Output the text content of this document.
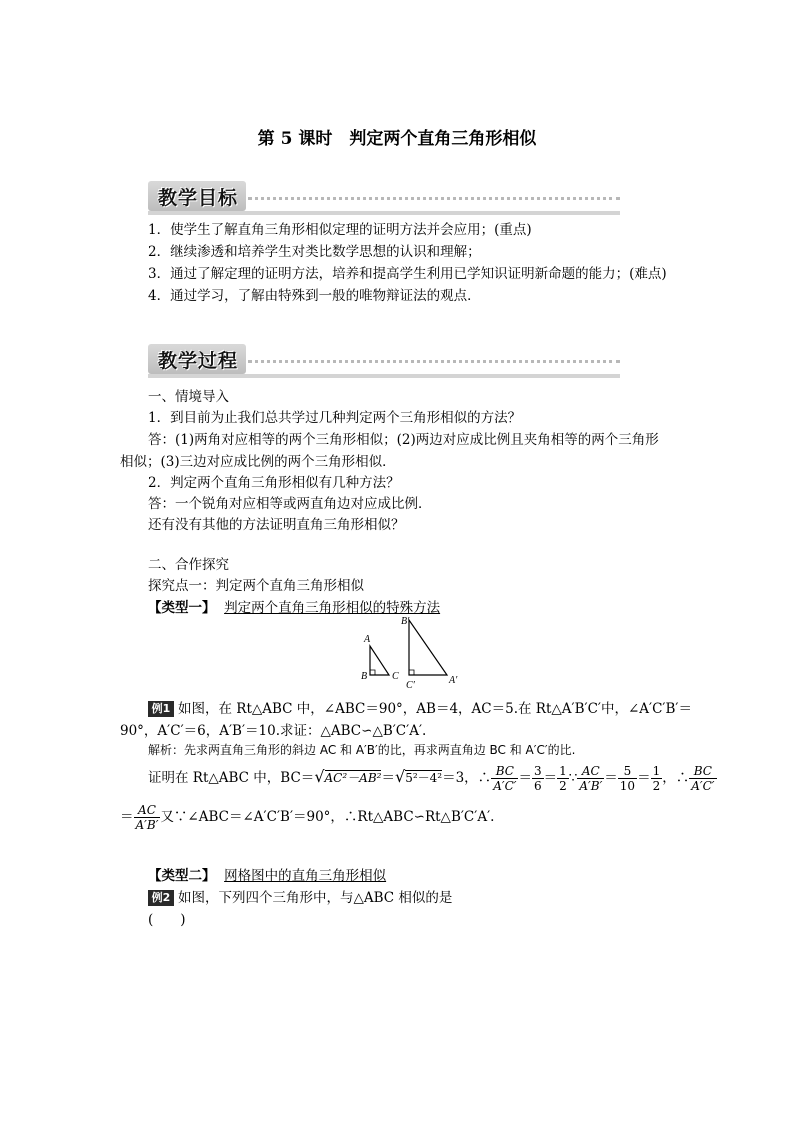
第 5 课时　判定两个直角三角形相似
教学目标
1．使学生了解直角三角形相似定理的证明方法并会应用；(重点)
2．继续渗透和培养学生对类比数学思想的认识和理解；
3．通过了解定理的证明方法，培养和提高学生利用已学知识证明新命题的能力；(难点)
4．通过学习，了解由特殊到一般的唯物辩证法的观点．
教学过程
一、情境导入
1．到目前为止我们总共学过几种判定两个三角形相似的方法？
答：(1)两角对应相等的两个三角形相似；(2)两边对应成比例且夹角相等的两个三角形
相似；(3)三边对应成比例的两个三角形相似．
2．判定两个直角三角形相似有几种方法？
答：一个锐角对应相等或两直角边对应成比例．
还有没有其他的方法证明直角三角形相似？
二、合作探究
探究点一：判定两个直角三角形相似
【类型一】 判定两个直角三角形相似的特殊方法
A
B C
B′
C′	A′
例1 如图，在 Rt△ABC 中，∠ABC＝90°，AB＝4，AC＝5.在 Rt△A′B′C′中，∠A′C′B′＝
90°，A′C′＝6，A′B′＝10.求证：△ABC∽△B′C′A′.
解析：先求两直角三角形的斜边 AC 和 A′B′的比，再求两直角边 BC 和 A′C′的比.
证明在 Rt△ABC 中，BC＝√AC²－AB²＝√5²－4²＝3，∴ $\frac{BC}{A'C'} = \frac{3}{6} = \frac{1}{2}$ ∵ $\frac{AC}{A'B'} = \frac{5}{10} = \frac{1}{2}$ ，∴ $\frac{BC}{A'C'}$
＝ $\frac{AC}{A'B'}$ 又∵∠ABC＝∠A′C′B′＝90°，∴Rt△ABC∽Rt△B′C′A′.
【类型二】 网格图中的直角三角形相似
例2 如图，下列四个三角形中，与△ABC 相似的是
(　　)
